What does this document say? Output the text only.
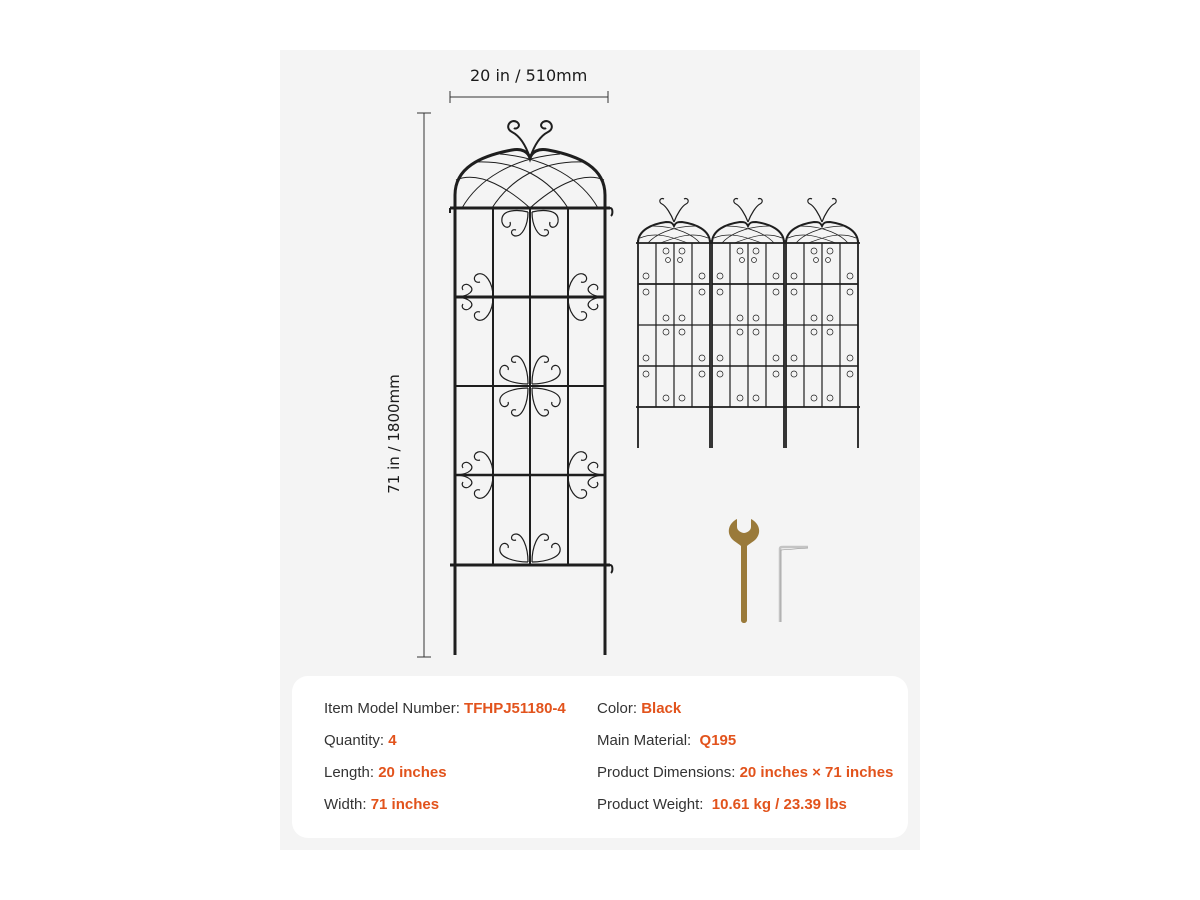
20 in / 510mm
71 in / 1800mm
Item Model Number: TFHPJ51180-4
Quantity: 4
Length: 20 inches
Width: 71 inches
Color: Black
Main Material:  Q195
Product Dimensions: 20 inches × 71 inches
Product Weight:  10.61 kg / 23.39 lbs
